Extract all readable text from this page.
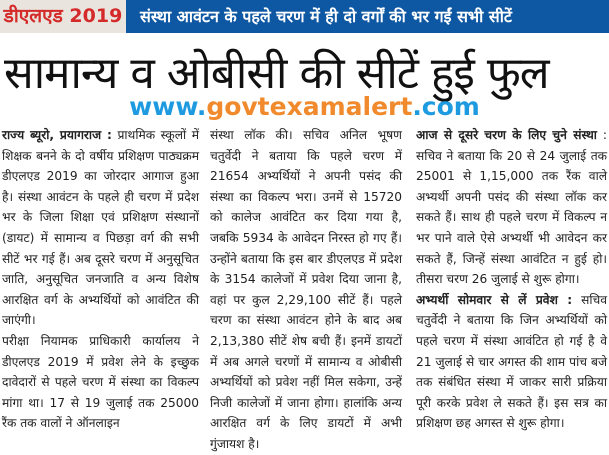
डीएलएड 2019	संस्था आवंटन के पहले चरण में ही दो वर्गों की भर गईं सभी सीटें
सामान्य व ओबीसी की सीटें हुई फुल
www.govtexamalert.com

राज्य ब्यूरो, प्रयागराज : प्राथमिक स्कूलों में शिक्षक बनने के दो वर्षीय प्रशिक्षण पाठ्यक्रम डीएलएड 2019 का जोरदार आगाज हुआ है। संस्था आवंटन के पहले ही चरण में प्रदेश भर के जिला शिक्षा एवं प्रशिक्षण संस्थानों (डायट) में सामान्य व पिछड़ा वर्ग की सभी सीटें भर गई हैं। अब दूसरे चरण में अनुसूचित जाति, अनुसूचित जनजाति व अन्य विशेष आरक्षित वर्ग के अभ्यर्थियों को आवंटित की जाएंगी।

परीक्षा नियामक प्राधिकारी कार्यालय ने डीएलएड 2019 में प्रवेश लेने के इच्छुक दावेदारों से पहले चरण में संस्था का विकल्प मांगा था। 17 से 19 जुलाई तक 25000 रैंक तक वालों ने ऑनलाइन

संस्था लॉक की। सचिव अनिल भूषण चतुर्वेदी ने बताया कि पहले चरण में 21654 अभ्यर्थियों ने अपनी पसंद की संस्था का विकल्प भरा। उनमें से 15720 को कालेज आवंटित कर दिया गया है, जबकि 5934 के आवेदन निरस्त हो गए हैं। उन्होंने बताया कि इस बार डीएलएड में प्रदेश के 3154 कालेजों में प्रवेश दिया जाना है, वहां पर कुल 2,29,100 सीटें हैं। पहले चरण का संस्था आवंटन होने के बाद अब 2,13,380 सीटें शेष बची हैं। इनमें डायटों में अब अगले चरणों में सामान्य व ओबीसी अभ्यर्थियों को प्रवेश नहीं मिल सकेगा, उन्हें निजी कालेजों में जाना होगा। हालांकि अन्य आरक्षित वर्ग के लिए डायटों में अभी गुंजायश है।

आज से दूसरे चरण के लिए चुने संस्था : सचिव ने बताया कि 20 से 24 जुलाई तक 25001 से 1,15,000 तक रैंक वाले अभ्यर्थी अपनी पसंद की संस्था लॉक कर सकते हैं। साथ ही पहले चरण में विकल्प न भर पाने वाले ऐसे अभ्यर्थी भी आवेदन कर सकते हैं, जिन्हें संस्था आवंटित न हुई हो। तीसरा चरण 26 जुलाई से शुरू होगा।

अभ्यर्थी सोमवार से लें प्रवेश : सचिव चतुर्वेदी ने बताया कि जिन अभ्यर्थियों को पहले चरण में संस्था आवंटित हो गई है वे 21 जुलाई से चार अगस्त की शाम पांच बजे तक संबंधित संस्था में जाकर सारी प्रक्रिया पूरी करके प्रवेश ले सकते हैं। इस सत्र का प्रशिक्षण छह अगस्त से शुरू होगा।
